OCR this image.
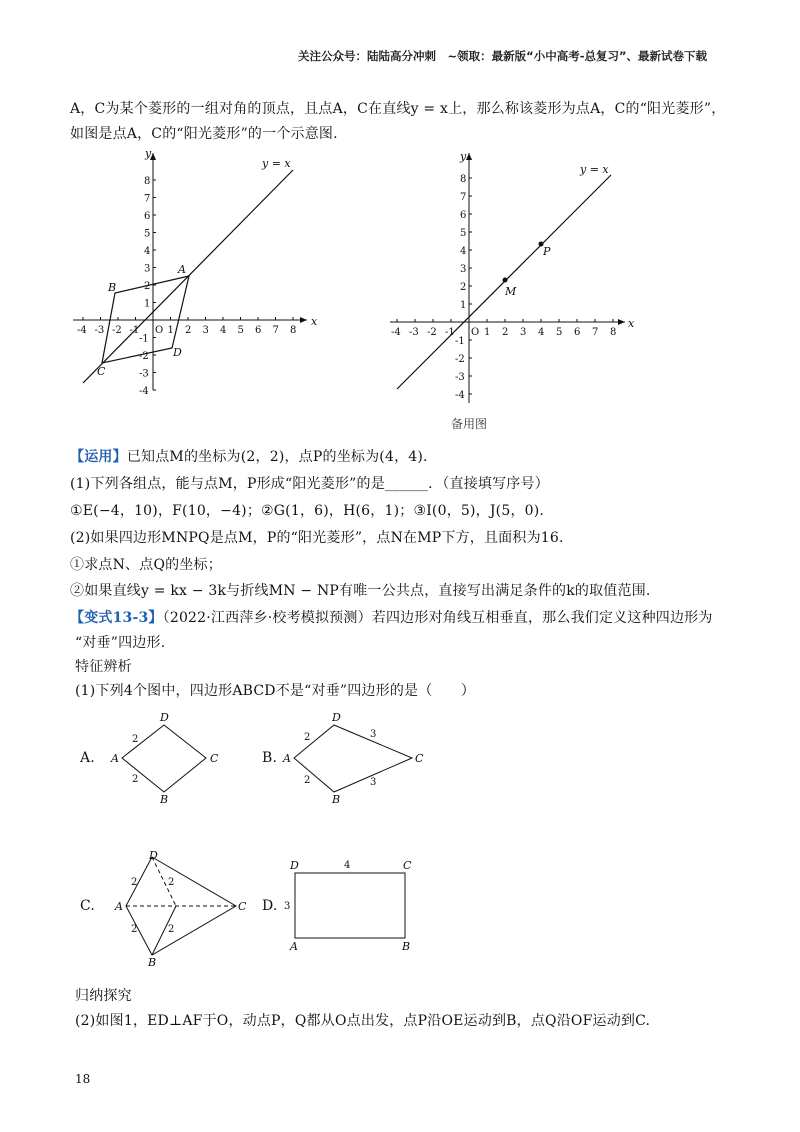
关注公众号：陆陆高分冲刺　~领取：最新版“小中高考-总复习”、最新试卷下载
A，C为某个菱形的一组对角的顶点，且点A，C在直线y = x上，那么称该菱形为点A，C的“阳光菱形”，
如图是点A，C的“阳光菱形”的一个示意图.
y = x
x
y
A
B
C
D
-4 -3 -2 -1 O 1 2 3 4 5 6 7 8
8
7
6
5
4
3
2
1
-1
-2
-3
-4
y = x
x
y
P
M
备用图
-4 -3 -2 -1 O 1 2 3 4 5 6 7 8
8
7
6
5
4
3
2
1
-1
-2
-3
-4
【运用】已知点M的坐标为(2，2)，点P的坐标为(4，4).
(1)下列各组点，能与点M，P形成“阳光菱形”的是______．（直接填写序号）
①E(−4，10)，F(10，−4)；②G(1，6)，H(6，1)；③I(0，5)，J(5，0).
(2)如果四边形MNPQ是点M，P的“阳光菱形”，点N在MP下方，且面积为16.
①求点N、点Q的坐标；
②如果直线y = kx − 3k与折线MN − NP有唯一公共点，直接写出满足条件的k的取值范围.
【变式13-3】（2022·江西萍乡·校考模拟预测）若四边形对角线互相垂直，那么我们定义这种四边形为
“对垂”四边形.
特征辨析
(1)下列4个图中，四边形ABCD不是“对垂”四边形的是（　　）
A.
D
A	C
B
2
2
B.
D
A	C
B
2	3
2	3
C.
D
A	C
B
2	2
2	2
D.
D	C
A	B
4
3
归纳探究
(2)如图1，ED⊥AF于O，动点P，Q都从O点出发，点P沿OE运动到B，点Q沿OF运动到C.
18
